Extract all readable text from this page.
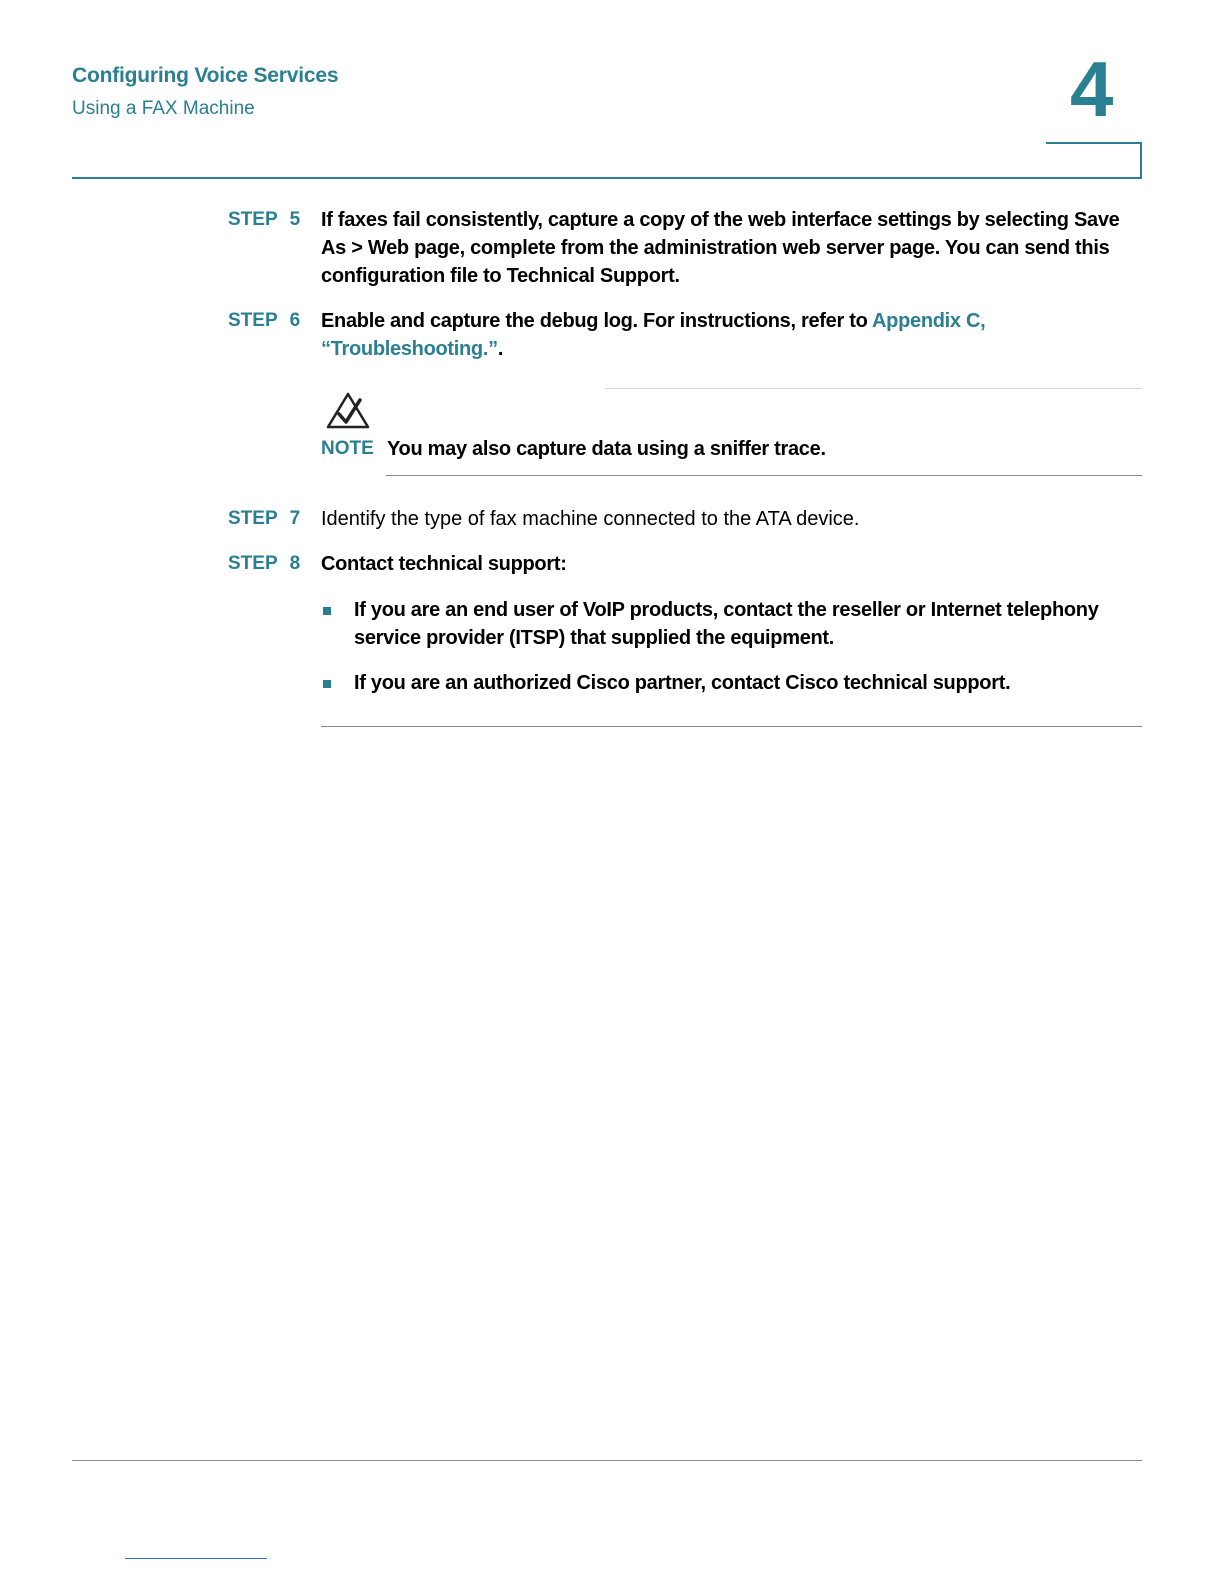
Configuring Voice Services
Using a FAX Machine	4
STEP 5 If faxes fail consistently, capture a copy of the web interface settings by selecting Save As > Web page, complete from the administration web server page. You can send this configuration file to Technical Support.
STEP 6 Enable and capture the debug log. For instructions, refer to Appendix C, “Troubleshooting.”.
NOTE You may also capture data using a sniffer trace.
STEP 7 Identify the type of fax machine connected to the ATA device.
STEP 8 Contact technical support:
If you are an end user of VoIP products, contact the reseller or Internet telephony service provider (ITSP) that supplied the equipment.
If you are an authorized Cisco partner, contact Cisco technical support.
